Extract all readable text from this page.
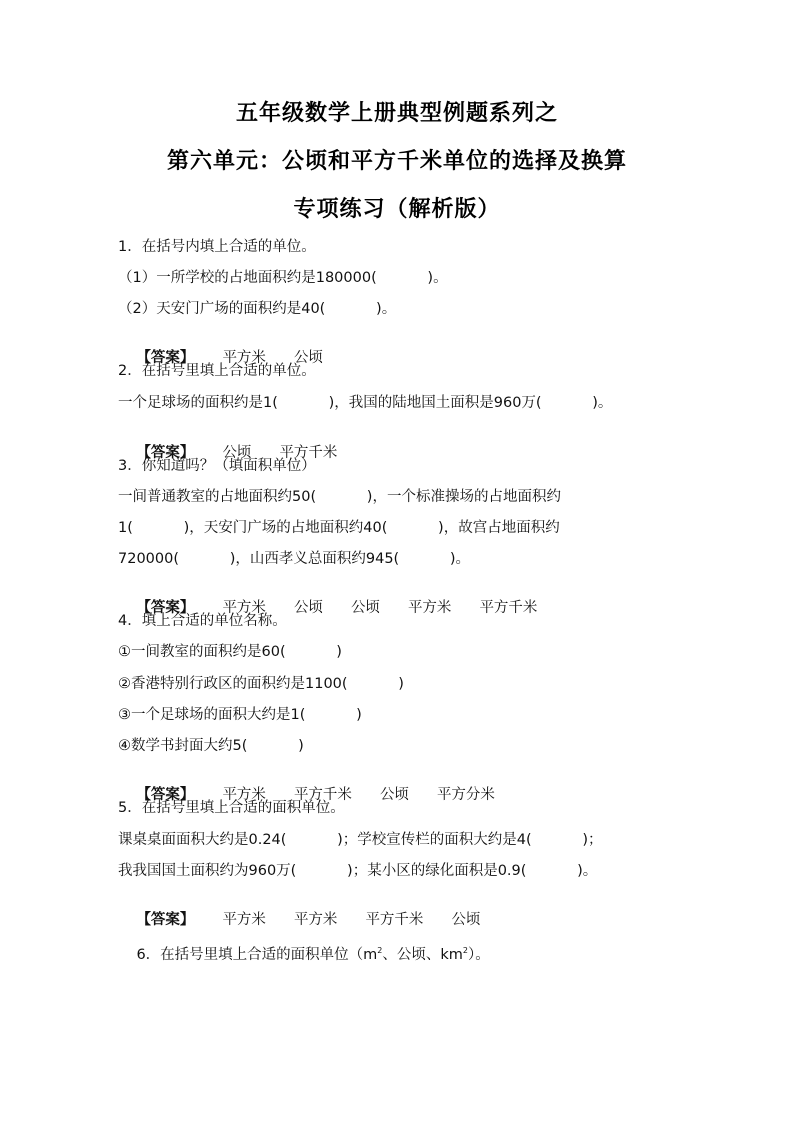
五年级数学上册典型例题系列之
第六单元：公顷和平方千米单位的选择及换算
专项练习（解析版）
1．在括号内填上合适的单位。
（1）一所学校的占地面积约是180000(           )。
（2）天安门广场的面积约是40(           )。

【答案】 平方米 公顷

2．在括号里填上合适的单位。
一个足球场的面积约是1(           )，我国的陆地国土面积是960万(           )。

【答案】 公顷 平方千米

3．你知道吗？（填面积单位）
一间普通教室的占地面积约50(           )，一个标准操场的占地面积约
1(           )，天安门广场的占地面积约40(           )，故宫占地面积约
720000(           )，山西孝义总面积约945(           )。

【答案】 平方米 公顷 公顷 平方米 平方千米

4．填上合适的单位名称。
①一间教室的面积约是60(           )
②香港特别行政区的面积约是1100(           )
③一个足球场的面积大约是1(           )
④数学书封面大约5(           )

【答案】 平方米 平方千米 公顷 平方分米

5．在括号里填上合适的面积单位。
课桌桌面面积大约是0.24(           )；学校宣传栏的面积大约是4(           )；
我我国国土面积约为960万(           )；某小区的绿化面积是0.9(           )。

【答案】 平方米 平方米 平方千米 公顷

6．在括号里填上合适的面积单位（$m^2$、公顷、$km^2$）。
